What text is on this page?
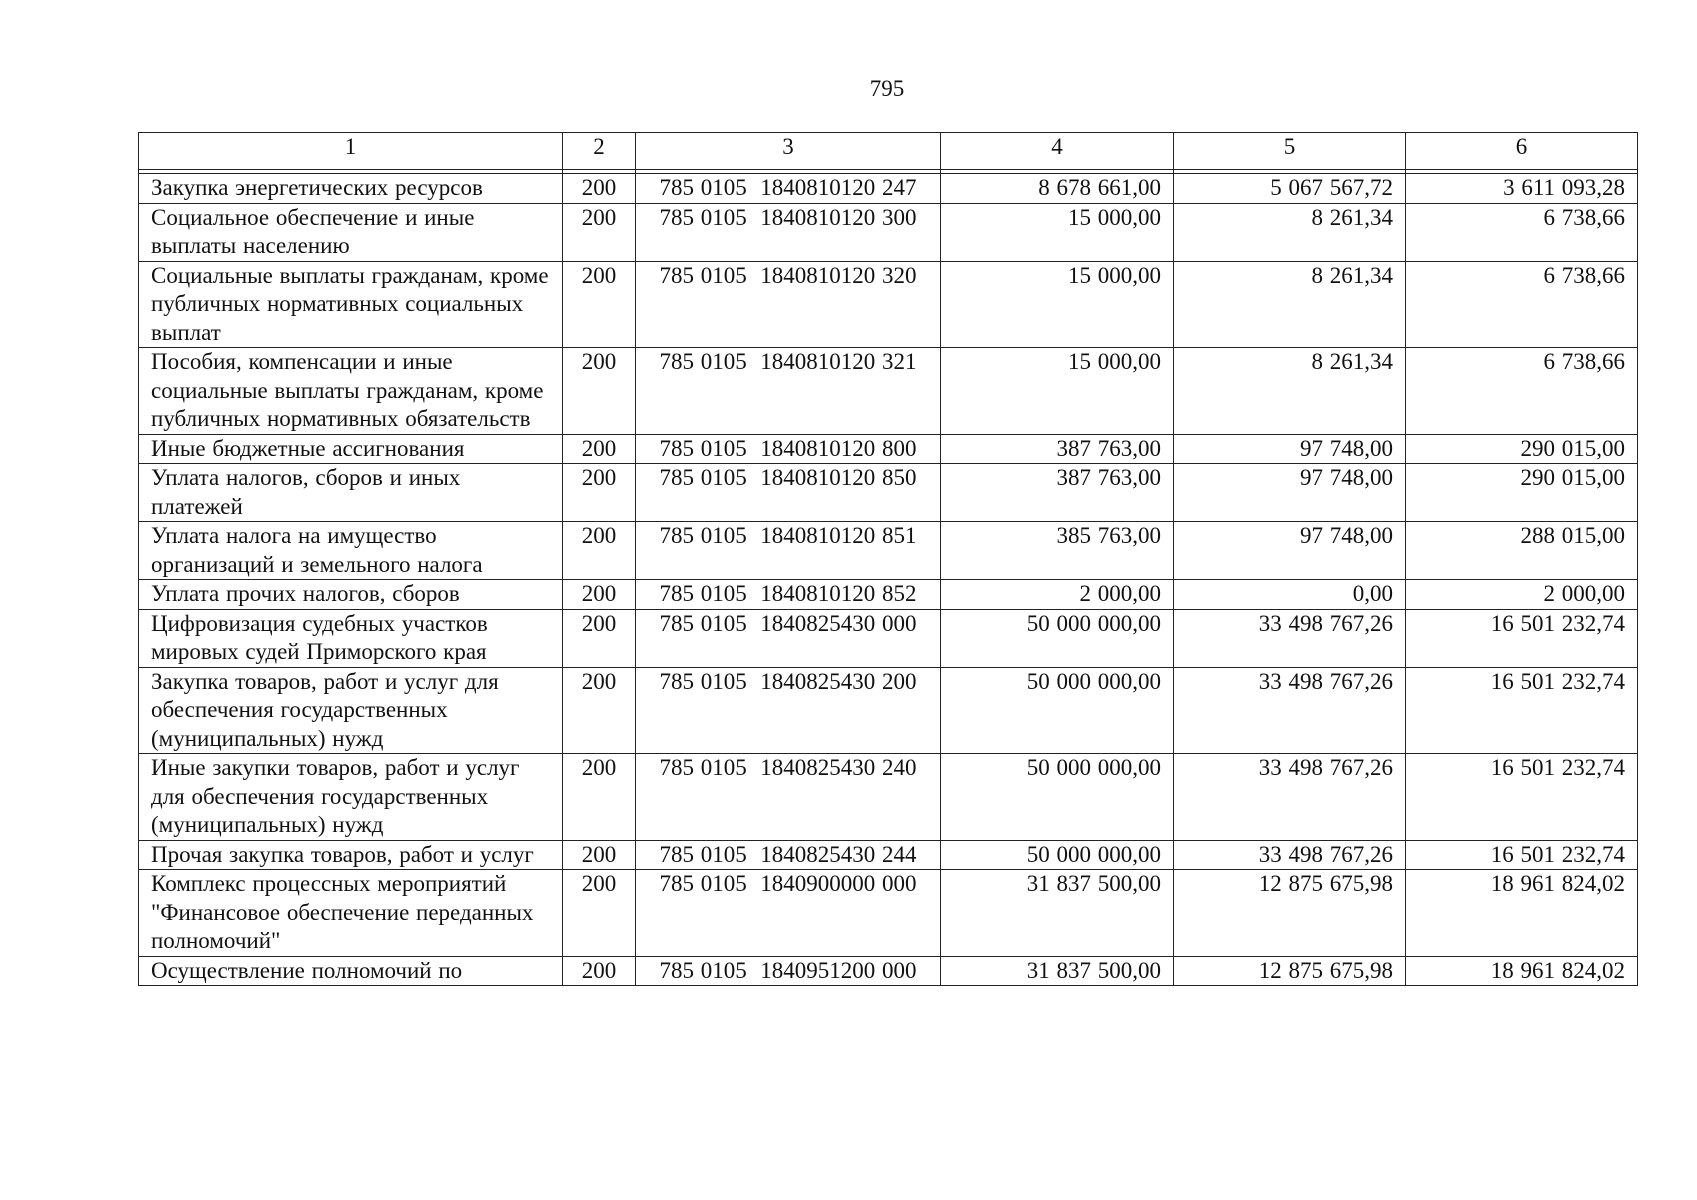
795
1	2	3	4	5	6

Закупка энергетических ресурсов	200	785 0105  1840810120 247	8 678 661,00	5 067 567,72	3 611 093,28
Социальное обеспечение и иные выплаты населению	200	785 0105  1840810120 300	15 000,00	8 261,34	6 738,66
Социальные выплаты гражданам, кроме публичных нормативных социальных выплат	200	785 0105  1840810120 320	15 000,00	8 261,34	6 738,66
Пособия, компенсации и иные социальные выплаты гражданам, кроме публичных нормативных обязательств	200	785 0105  1840810120 321	15 000,00	8 261,34	6 738,66
Иные бюджетные ассигнования	200	785 0105  1840810120 800	387 763,00	97 748,00	290 015,00
Уплата налогов, сборов и иных платежей	200	785 0105  1840810120 850	387 763,00	97 748,00	290 015,00
Уплата налога на имущество организаций и земельного налога	200	785 0105  1840810120 851	385 763,00	97 748,00	288 015,00
Уплата прочих налогов, сборов	200	785 0105  1840810120 852	2 000,00	0,00	2 000,00
Цифровизация судебных участков мировых судей Приморского края	200	785 0105  1840825430 000	50 000 000,00	33 498 767,26	16 501 232,74
Закупка товаров, работ и услуг для обеспечения государственных (муниципальных) нужд	200	785 0105  1840825430 200	50 000 000,00	33 498 767,26	16 501 232,74
Иные закупки товаров, работ и услуг для обеспечения государственных (муниципальных) нужд	200	785 0105  1840825430 240	50 000 000,00	33 498 767,26	16 501 232,74
Прочая закупка товаров, работ и услуг	200	785 0105  1840825430 244	50 000 000,00	33 498 767,26	16 501 232,74
Комплекс процессных мероприятий "Финансовое обеспечение переданных полномочий"	200	785 0105  1840900000 000	31 837 500,00	12 875 675,98	18 961 824,02
Осуществление полномочий по	200	785 0105  1840951200 000	31 837 500,00	12 875 675,98	18 961 824,02
